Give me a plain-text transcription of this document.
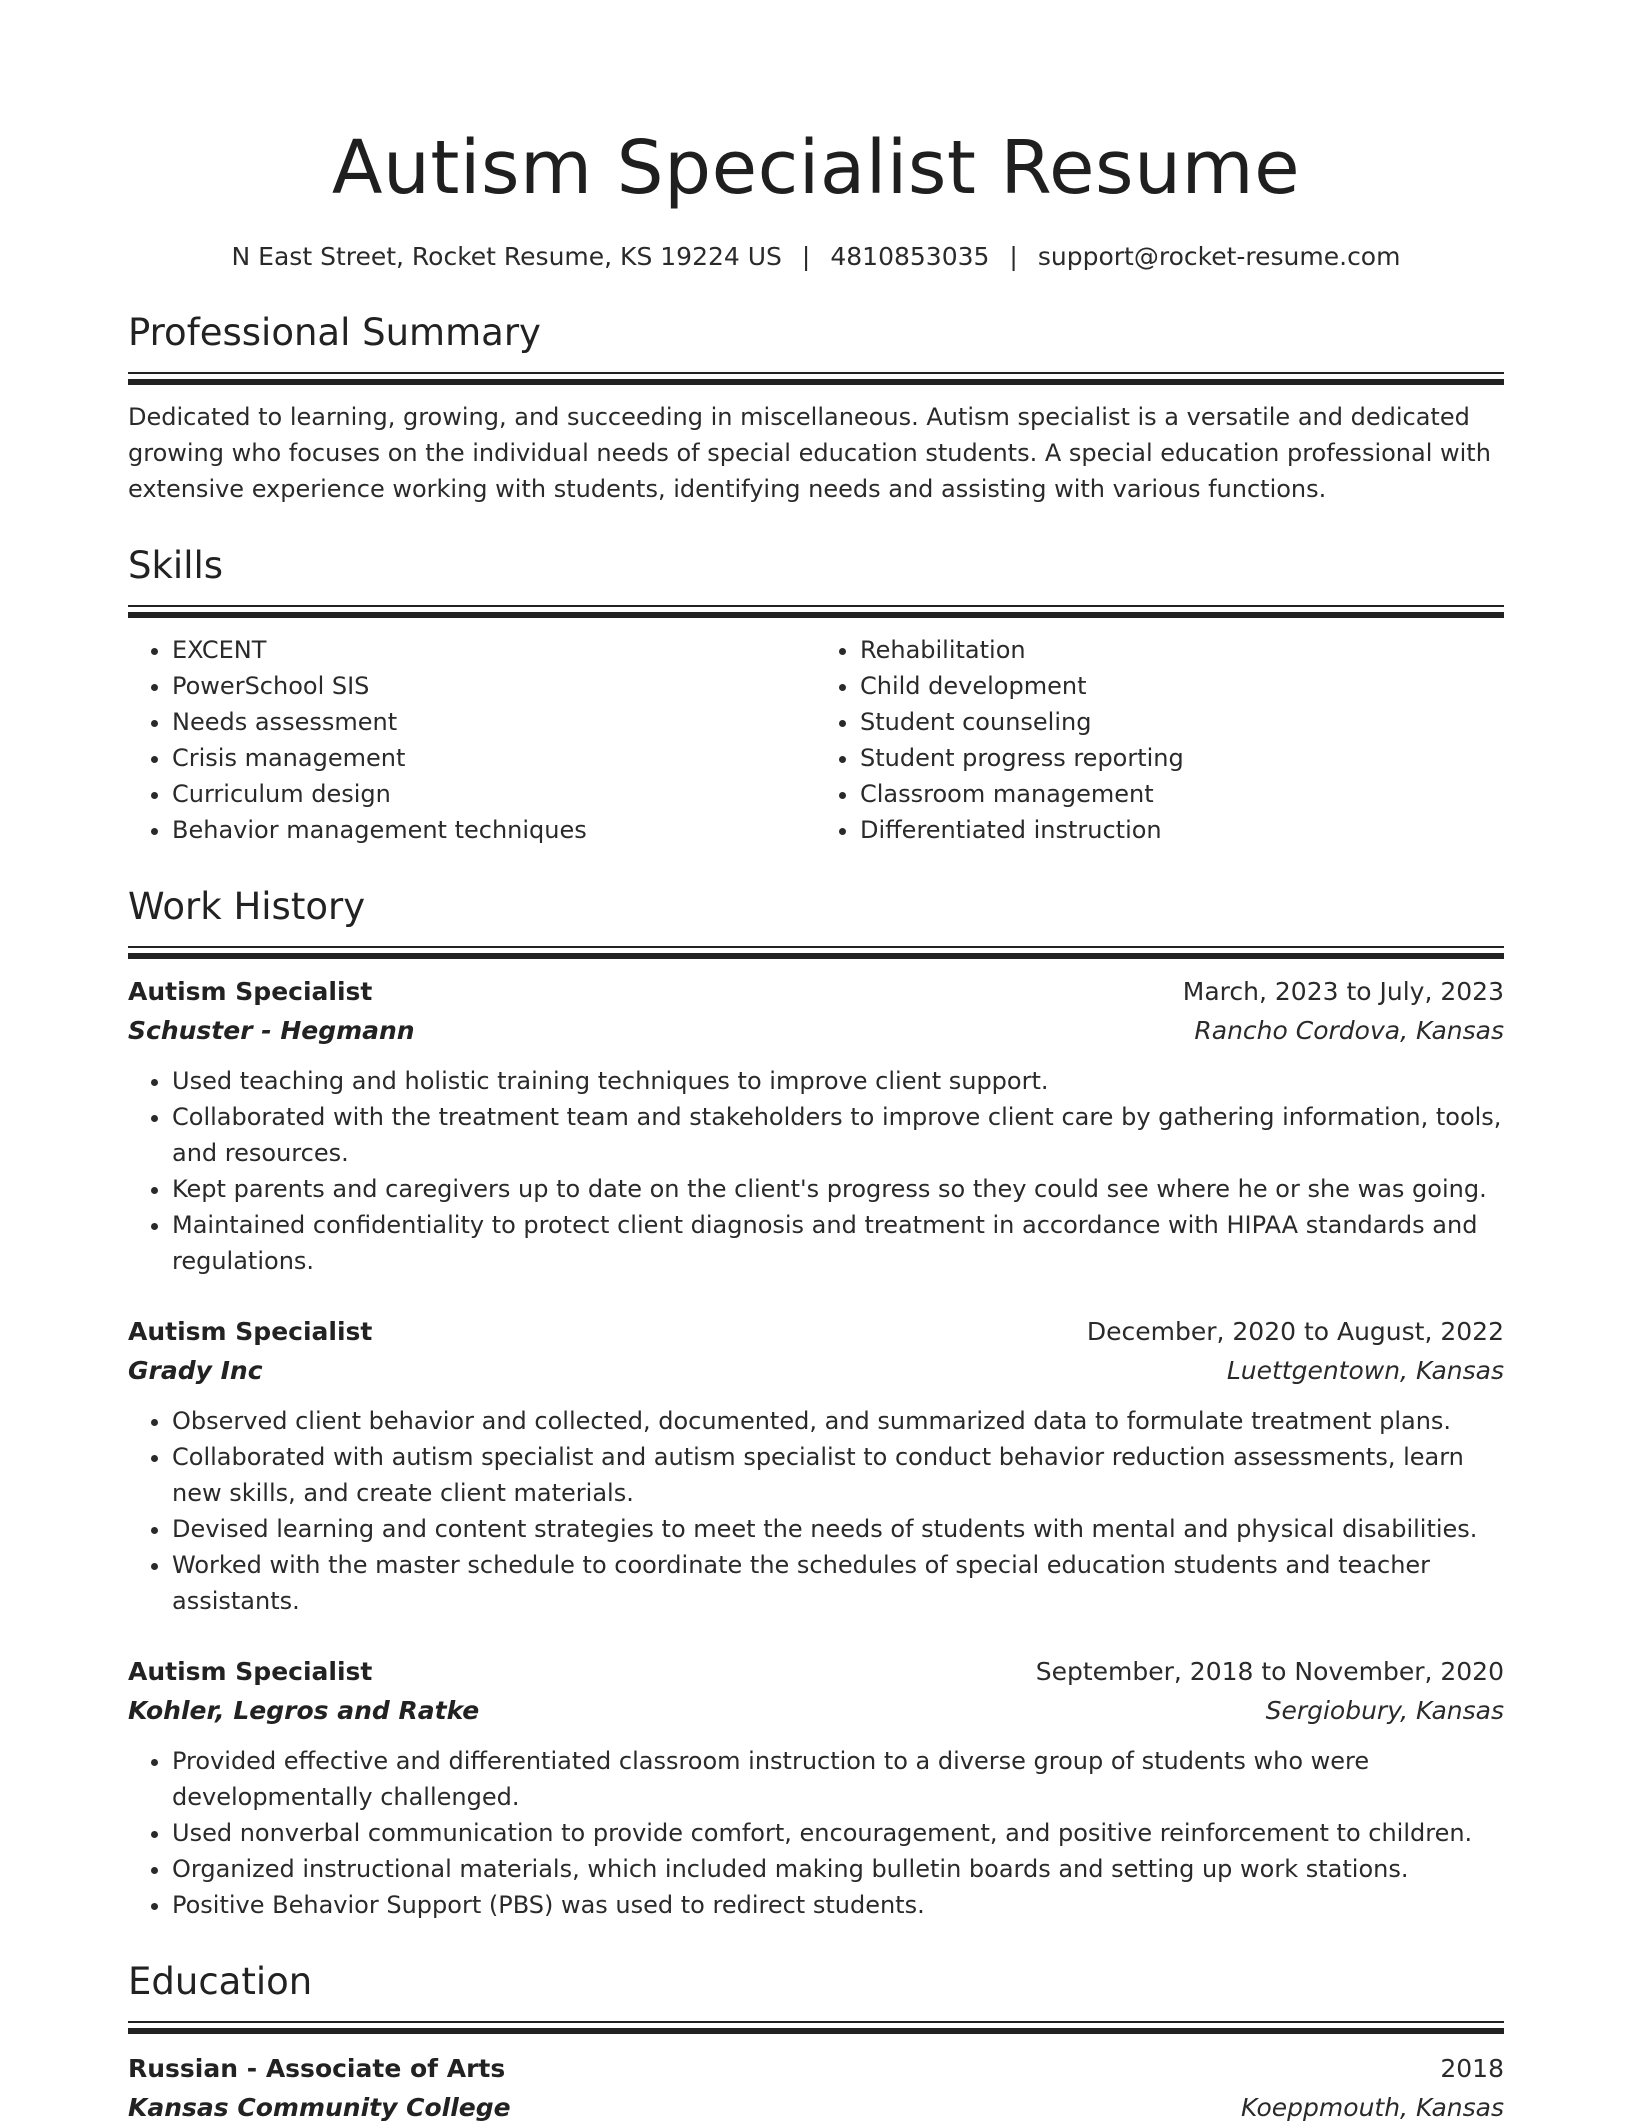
Autism Specialist Resume
N East Street, Rocket Resume, KS 19224 US | 4810853035 | support@rocket-resume.com
Professional Summary
Dedicated to learning, growing, and succeeding in miscellaneous. Autism specialist is a versatile and dedicated growing who focuses on the individual needs of special education students. A special education professional with extensive experience working with students, identifying needs and assisting with various functions.
Skills
• EXCENT
• PowerSchool SIS
• Needs assessment
• Crisis management
• Curriculum design
• Behavior management techniques
• Rehabilitation
• Child development
• Student counseling
• Student progress reporting
• Classroom management
• Differentiated instruction
Work History
Autism Specialist	March, 2023 to July, 2023
Schuster - Hegmann	Rancho Cordova, Kansas
• Used teaching and holistic training techniques to improve client support.
• Collaborated with the treatment team and stakeholders to improve client care by gathering information, tools, and resources.
• Kept parents and caregivers up to date on the client's progress so they could see where he or she was going.
• Maintained confidentiality to protect client diagnosis and treatment in accordance with HIPAA standards and regulations.
Autism Specialist	December, 2020 to August, 2022
Grady Inc	Luettgentown, Kansas
• Observed client behavior and collected, documented, and summarized data to formulate treatment plans.
• Collaborated with autism specialist and autism specialist to conduct behavior reduction assessments, learn new skills, and create client materials.
• Devised learning and content strategies to meet the needs of students with mental and physical disabilities.
• Worked with the master schedule to coordinate the schedules of special education students and teacher assistants.
Autism Specialist	September, 2018 to November, 2020
Kohler, Legros and Ratke	Sergiobury, Kansas
• Provided effective and differentiated classroom instruction to a diverse group of students who were developmentally challenged.
• Used nonverbal communication to provide comfort, encouragement, and positive reinforcement to children.
• Organized instructional materials, which included making bulletin boards and setting up work stations.
• Positive Behavior Support (PBS) was used to redirect students.
Education
Russian - Associate of Arts	2018
Kansas Community College	Koeppmouth, Kansas
